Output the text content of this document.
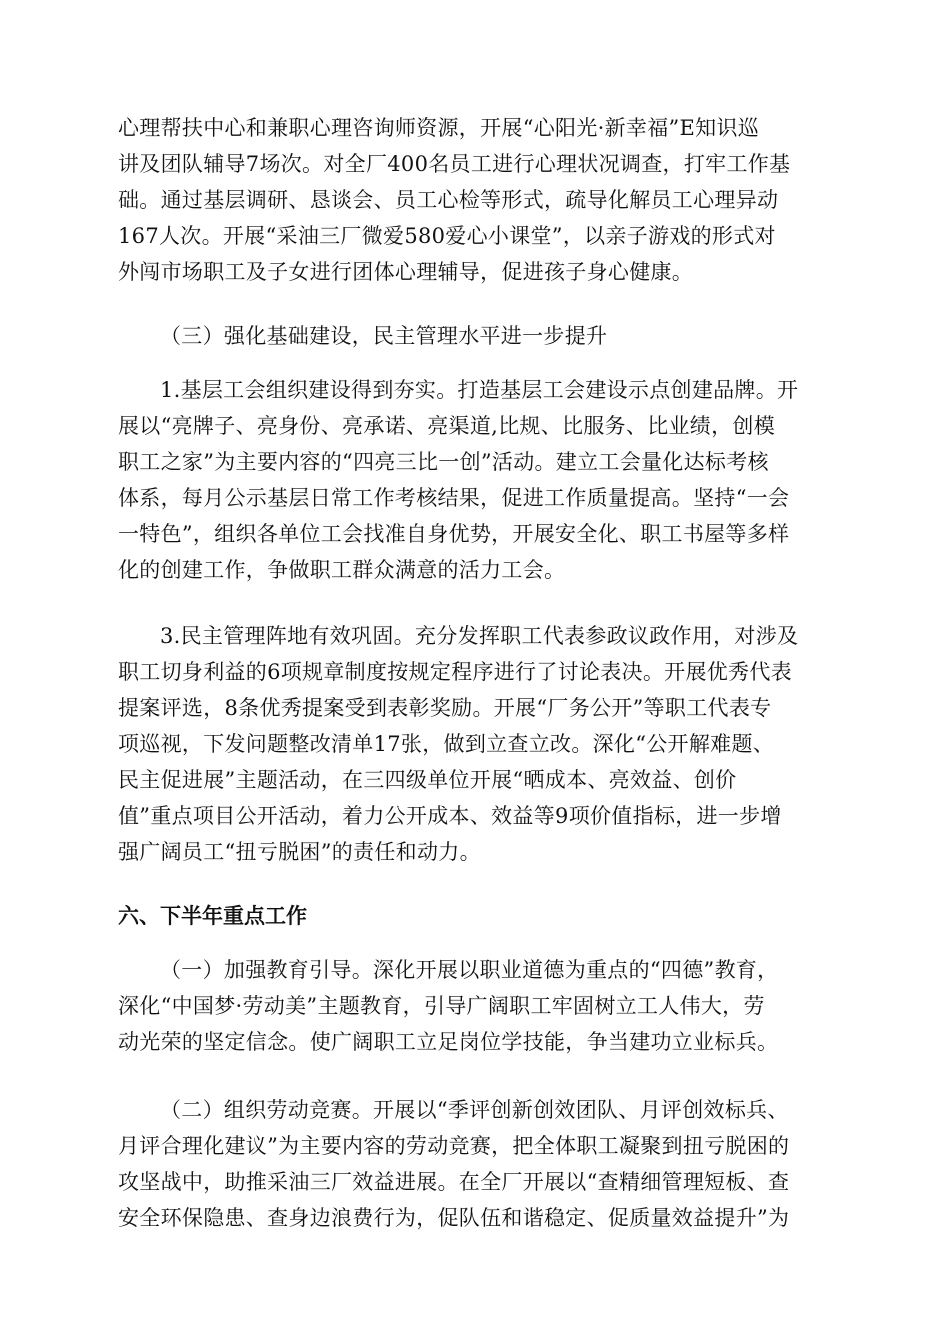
心理帮扶中心和兼职心理咨询师资源，开展“心阳光·新幸福”E知识巡
讲及团队辅导7场次。对全厂400名员工进行心理状况调查，打牢工作基
础。通过基层调研、恳谈会、员工心检等形式，疏导化解员工心理异动
167人次。开展“采油三厂微爱580爱心小课堂”，以亲子游戏的形式对
外闯市场职工及子女进行团体心理辅导，促进孩子身心健康。
（三）强化基础建设，民主管理水平进一步提升
1.基层工会组织建设得到夯实。打造基层工会建设示点创建品牌。开
展以“亮牌子、亮身份、亮承诺、亮渠道,比规、比服务、比业绩，创模
职工之家”为主要内容的“四亮三比一创”活动。建立工会量化达标考核
体系，每月公示基层日常工作考核结果，促进工作质量提高。坚持“一会
一特色”，组织各单位工会找准自身优势，开展安全化、职工书屋等多样
化的创建工作，争做职工群众满意的活力工会。
3.民主管理阵地有效巩固。充分发挥职工代表参政议政作用，对涉及
职工切身利益的6项规章制度按规定程序进行了讨论表决。开展优秀代表
提案评选，8条优秀提案受到表彰奖励。开展“厂务公开”等职工代表专
项巡视，下发问题整改清单17张，做到立查立改。深化“公开解难题、
民主促进展”主题活动，在三四级单位开展“晒成本、亮效益、创价
值”重点项目公开活动，着力公开成本、效益等9项价值指标，进一步增
强广阔员工“扭亏脱困”的责任和动力。
六、下半年重点工作
（一）加强教育引导。深化开展以职业道德为重点的“四德”教育，
深化“中国梦·劳动美”主题教育，引导广阔职工牢固树立工人伟大，劳
动光荣的坚定信念。使广阔职工立足岗位学技能，争当建功立业标兵。
（二）组织劳动竞赛。开展以“季评创新创效团队、月评创效标兵、
月评合理化建议”为主要内容的劳动竞赛，把全体职工凝聚到扭亏脱困的
攻坚战中，助推采油三厂效益进展。在全厂开展以“查精细管理短板、查
安全环保隐患、查身边浪费行为，促队伍和谐稳定、促质量效益提升”为
